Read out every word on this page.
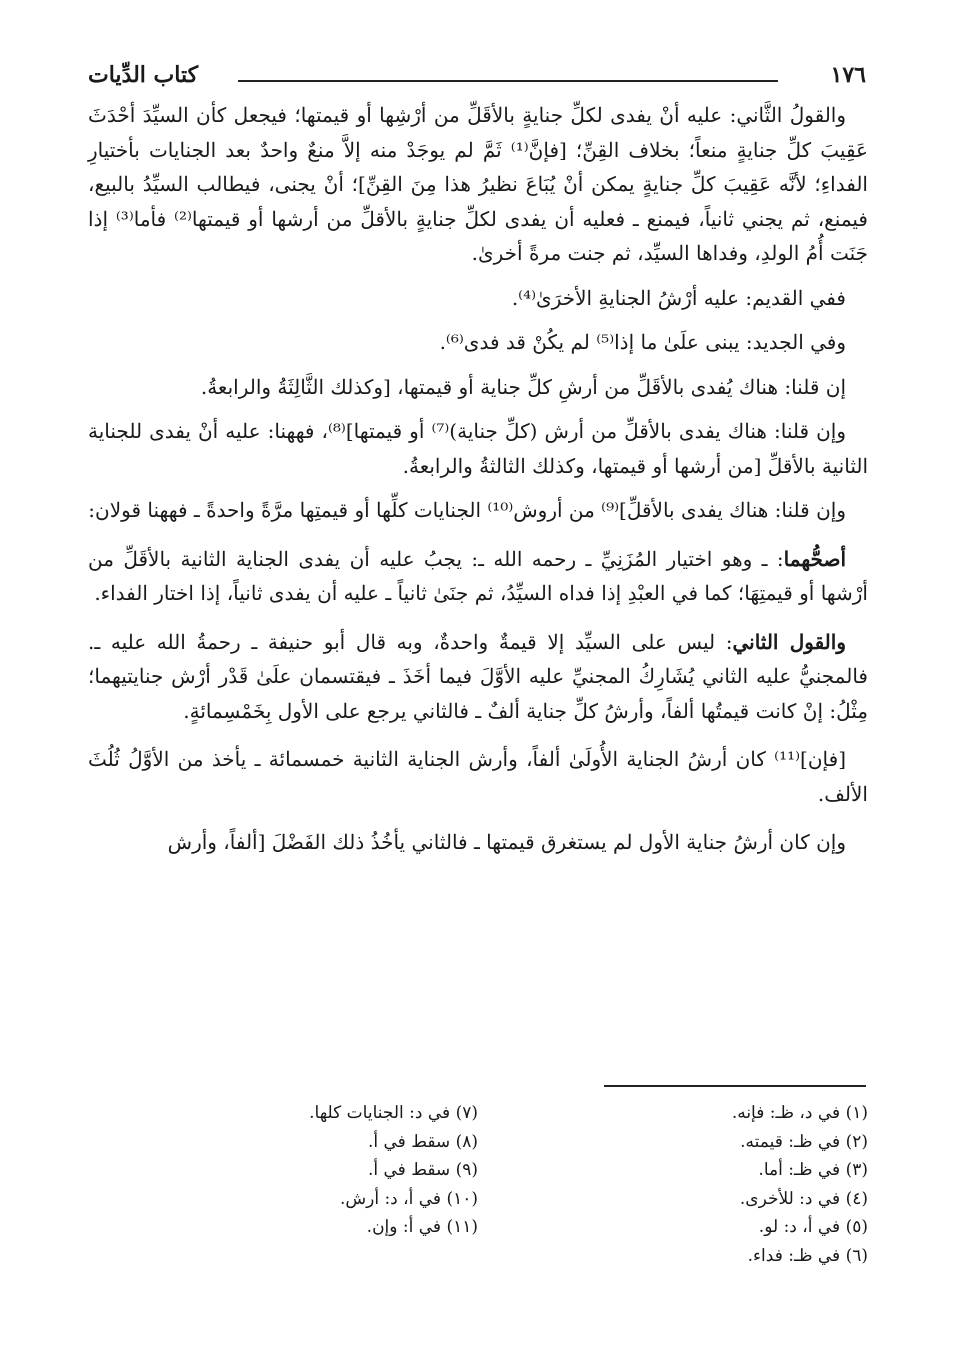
كتاب الدِّيات	١٧٦

والقولُ الثَّاني: عليه أنْ يفدى لكلِّ جنايةٍ بالأقَلِّ من أرْشِها أو قيمتها؛ فيجعل كأن السيِّدَ أحْدَثَ عَقِيبَ كلِّ جنايةٍ منعاً؛ بخلاف القِنِّ؛ [فإنَّ⁽¹⁾ ثَمَّ لم يوجَدْ منه إلاَّ منعٌ واحدٌ بعد الجنايات بأختيارِ الفداءِ؛ لأنَّه عَقِيبَ كلِّ جنايةٍ يمكن أنْ يُبَاعَ نظيرُ هذا مِنَ القِنِّ]؛ أنْ يجنى، فيطالب السيِّدُ بالبيع، فيمنع، ثم يجني ثانياً، فيمنع ـ فعليه أن يفدى لكلِّ جنايةٍ بالأقلِّ من أرشها أو قيمتها⁽²⁾ فأما⁽³⁾ إذا جَنَت أُمُ الولدِ، وفداها السيِّد، ثم جنت مرةً أخرىٰ.

ففي القديم: عليه أرْشُ الجنايةِ الأخرَىٰ⁽⁴⁾.

وفي الجديد: يبنى علَىٰ ما إذا⁽⁵⁾ لم يكُنْ قد فدى⁽⁶⁾.

إن قلنا: هناك يُفدى بالأقَلِّ من أرشِ كلِّ جناية أو قيمتها، [وكذلك الثَّالِثَةُ والرابعةُ.

وإن قلنا: هناك يفدى بالأقلِّ من أرش (كلِّ جناية)⁽⁷⁾ أو قيمتها]⁽⁸⁾، فههنا: عليه أنْ يفدى للجناية الثانية بالأقلِّ [من أرشها أو قيمتها، وكذلك الثالثةُ والرابعةُ.

وإن قلنا: هناك يفدى بالأقلِّ]⁽⁹⁾ من أروش⁽¹⁰⁾ الجنايات كلِّها أو قيمتِها مرَّةً واحدةً ـ فههنا قولان:

أصحُّهما: ـ وهو اختيار المُزَنِيِّ ـ رحمه الله ـ: يجبُ عليه أن يفدى الجناية الثانية بالأقَلِّ من أرْشها أو قيمتِهَا؛ كما في العبْدِ إذا فداه السيِّدُ، ثم جنَىٰ ثانياً ـ عليه أن يفدى ثانياً، إذا اختار الفداء.

والقول الثاني: ليس على السيِّد إلا قيمةٌ واحدةٌ، وبه قال أبو حنيفة ـ رحمةُ الله عليه ـ. فالمجنيُّ عليه الثاني يُشَارِكُ المجنيِّ عليه الأوَّلَ فيما أخَذَ ـ فيقتسمان علَىٰ قَدْر أرْش جنايتيهما؛ مِثْلُ: إنْ كانت قيمتُها ألفاً، وأرشُ كلِّ جناية ألفٌ ـ فالثاني يرجع على الأول بِخَمْسِمائةٍ.

[فإن]⁽¹¹⁾ كان أرشُ الجناية الأُولَىٰ ألفاً، وأرش الجناية الثانية خمسمائة ـ يأخذ من الأوَّلُ ثُلُثَ الألف.

وإن كان أرشُ جناية الأول لم يستغرق قيمتها ـ فالثاني يأخُذُ ذلك الفَضْلَ [ألفاً، وأرش

(١) في د، ظـ: فإنه.
(٢) في ظـ: قيمته.
(٣) في ظـ: أما.
(٤) في د: للأخرى.
(٥) في أ، د: لو.
(٦) في ظـ: فداء.
(٧) في د: الجنايات كلها.
(٨) سقط في أ.
(٩) سقط في أ.
(١٠) في أ، د: أرش.
(١١) في أ: وإن.
